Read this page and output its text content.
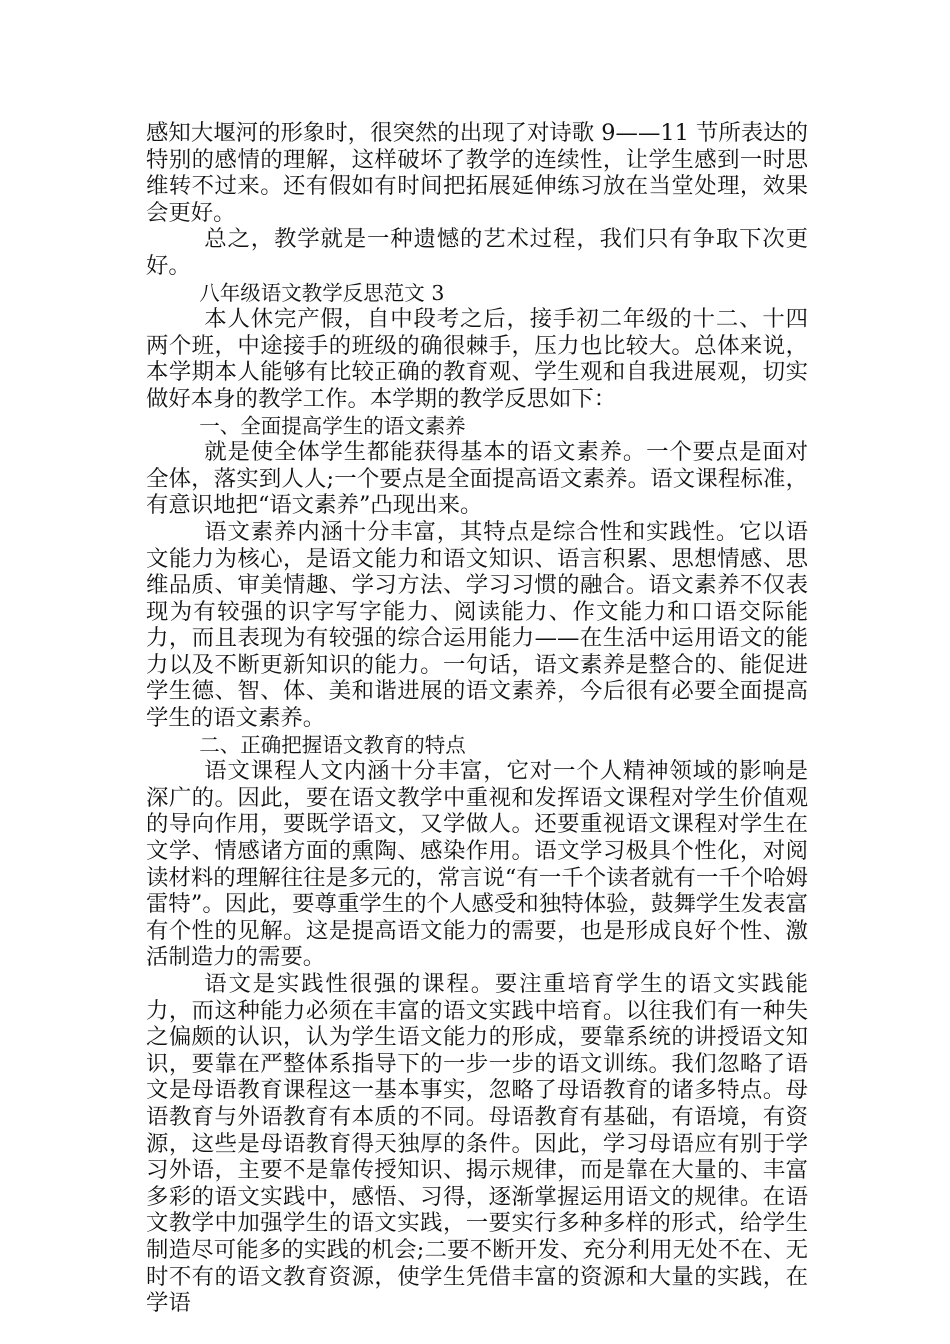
感知大堰河的形象时，很突然的出现了对诗歌 9——11 节所表达的特别的感情的理解，这样破坏了教学的连续性，让学生感到一时思维转不过来。还有假如有时间把拓展延伸练习放在当堂处理，效果会更好。

总之，教学就是一种遗憾的艺术过程，我们只有争取下次更好。

八年级语文教学反思范文 3

本人休完产假，自中段考之后，接手初二年级的十二、十四两个班，中途接手的班级的确很棘手，压力也比较大。总体来说，本学期本人能够有比较正确的教育观、学生观和自我进展观，切实做好本身的教学工作。本学期的教学反思如下：

一、全面提高学生的语文素养

就是使全体学生都能获得基本的语文素养。一个要点是面对全体，落实到人人;一个要点是全面提高语文素养。语文课程标准，有意识地把“语文素养”凸现出来。

语文素养内涵十分丰富，其特点是综合性和实践性。它以语文能力为核心，是语文能力和语文知识、语言积累、思想情感、思维品质、审美情趣、学习方法、学习习惯的融合。语文素养不仅表现为有较强的识字写字能力、阅读能力、作文能力和口语交际能力，而且表现为有较强的综合运用能力——在生活中运用语文的能力以及不断更新知识的能力。一句话，语文素养是整合的、能促进学生德、智、体、美和谐进展的语文素养，今后很有必要全面提高学生的语文素养。

二、正确把握语文教育的特点

语文课程人文内涵十分丰富，它对一个人精神领域的影响是深广的。因此，要在语文教学中重视和发挥语文课程对学生价值观的导向作用，要既学语文，又学做人。还要重视语文课程对学生在文学、情感诸方面的熏陶、感染作用。语文学习极具个性化，对阅读材料的理解往往是多元的，常言说“有一千个读者就有一千个哈姆雷特”。因此，要尊重学生的个人感受和独特体验，鼓舞学生发表富有个性的见解。这是提高语文能力的需要，也是形成良好个性、激活制造力的需要。

语文是实践性很强的课程。要注重培育学生的语文实践能力，而这种能力必须在丰富的语文实践中培育。以往我们有一种失之偏颇的认识，认为学生语文能力的形成，要靠系统的讲授语文知识，要靠在严整体系指导下的一步一步的语文训练。我们忽略了语文是母语教育课程这一基本事实，忽略了母语教育的诸多特点。母语教育与外语教育有本质的不同。母语教育有基础，有语境，有资源，这些是母语教育得天独厚的条件。因此，学习母语应有别于学习外语，主要不是靠传授知识、揭示规律，而是靠在大量的、丰富多彩的语文实践中，感悟、习得，逐渐掌握运用语文的规律。在语文教学中加强学生的语文实践，一要实行多种多样的形式，给学生制造尽可能多的实践的机会;二要不断开发、充分利用无处不在、无时不有的语文教育资源，使学生凭借丰富的资源和大量的实践，在学语
